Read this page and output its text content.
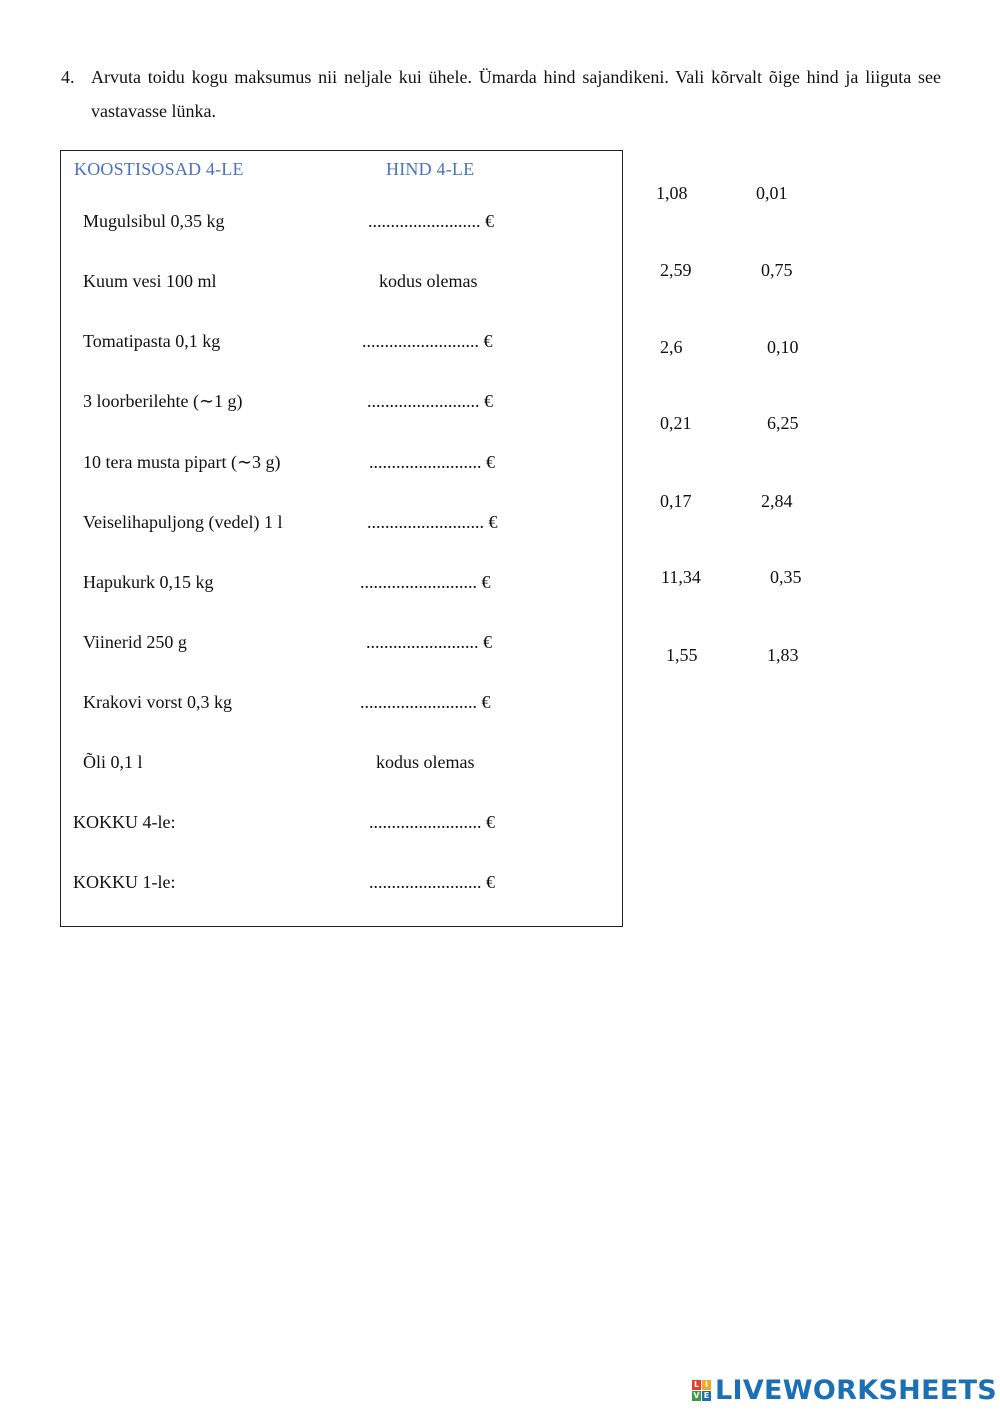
4. Arvuta toidu kogu maksumus nii neljale kui ühele. Ümarda hind sajandikeni. Vali kõrvalt õige hind ja liiguta see vastavasse lünka.
KOOSTISOSAD 4-LE	HIND 4-LE
Mugulsibul 0,35 kg	......................... €
Kuum vesi 100 ml	kodus olemas
Tomatipasta 0,1 kg	.......................... €
3 loorberilehte (∼1 g)	......................... €
10 tera musta pipart (∼3 g)	......................... €
Veiselihapuljong (vedel) 1 l	.......................... €
Hapukurk 0,15 kg	.......................... €
Viinerid 250 g	......................... €
Krakovi vorst 0,3 kg	.......................... €
Õli 0,1 l	kodus olemas
KOKKU 4-le:	......................... €
KOKKU 1-le:	......................... €
1,08	0,01
2,59	0,75
2,6	0,10
0,21	6,25
0,17	2,84
11,34	0,35
1,55	1,83
L I
V E LIVEWORKSHEETS
